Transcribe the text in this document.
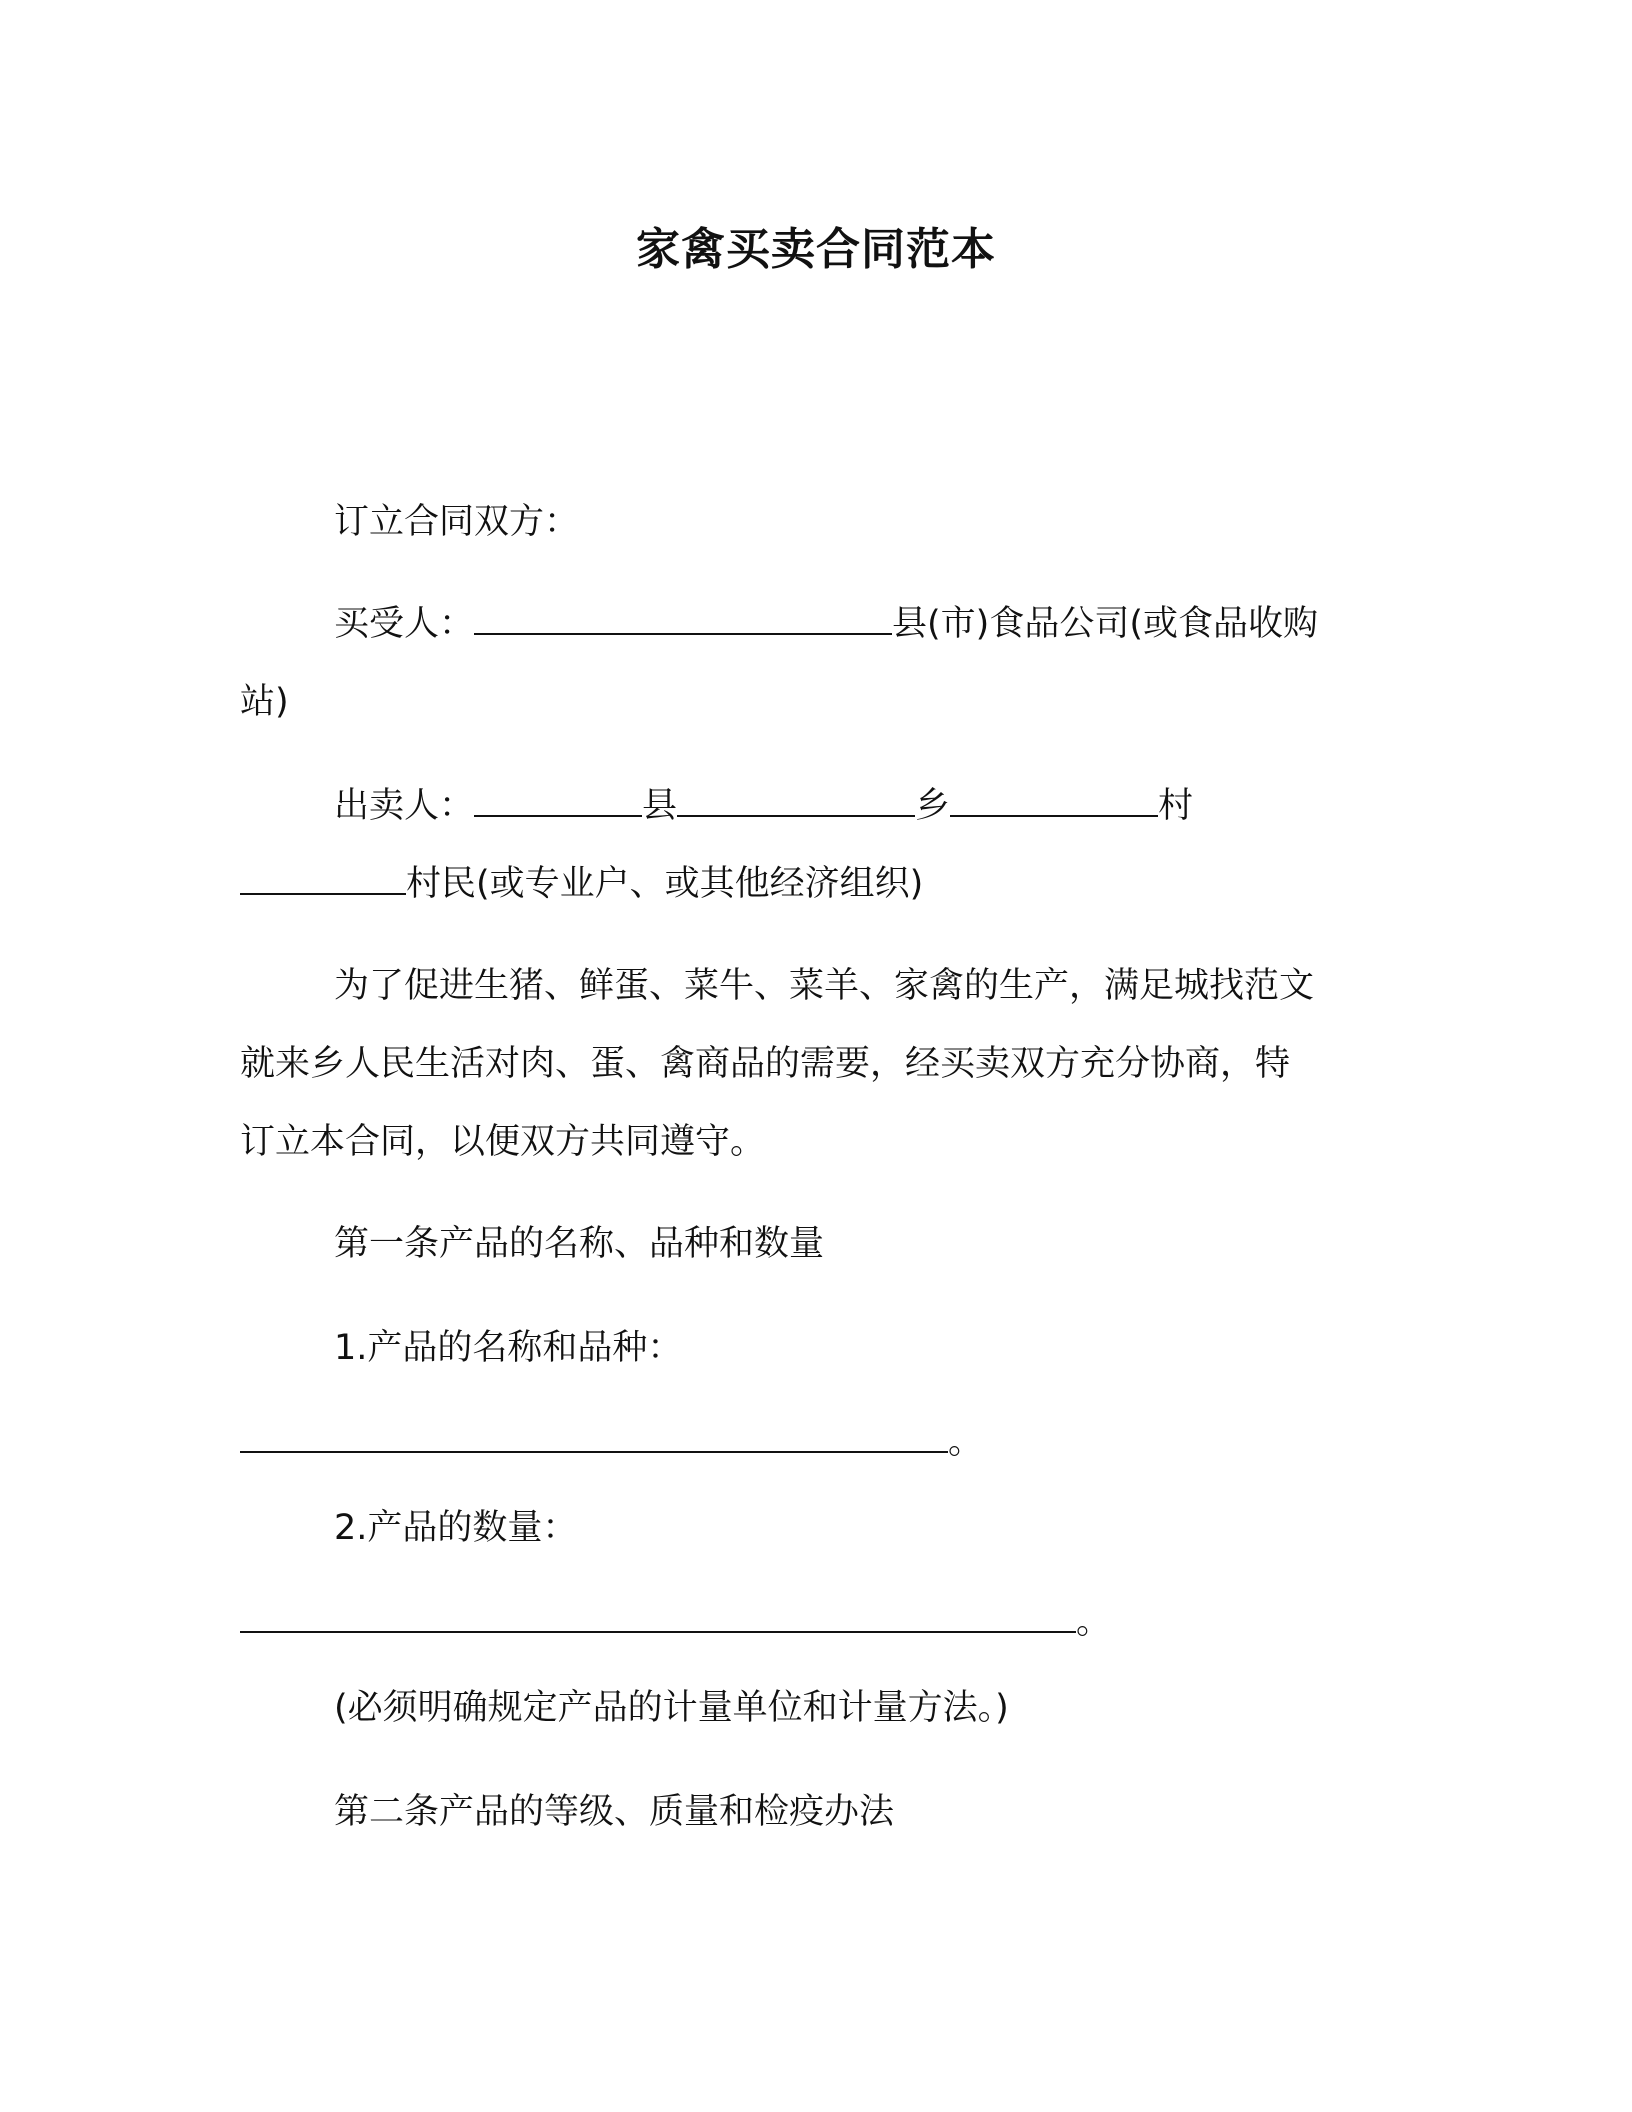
家禽买卖合同范本
订立合同双方：
买受人：	县(市)食品公司(或食品收购
站)
出卖人：	县	乡	村
村民(或专业户、或其他经济组织)
为了促进生猪、鲜蛋、菜牛、菜羊、家禽的生产，满足城找范文
就来乡人民生活对肉、蛋、禽商品的需要，经买卖双方充分协商，特
订立本合同，以便双方共同遵守。
第一条产品的名称、品种和数量
1.产品的名称和品种：
。
2.产品的数量：
。
(必须明确规定产品的计量单位和计量方法。)
第二条产品的等级、质量和检疫办法
